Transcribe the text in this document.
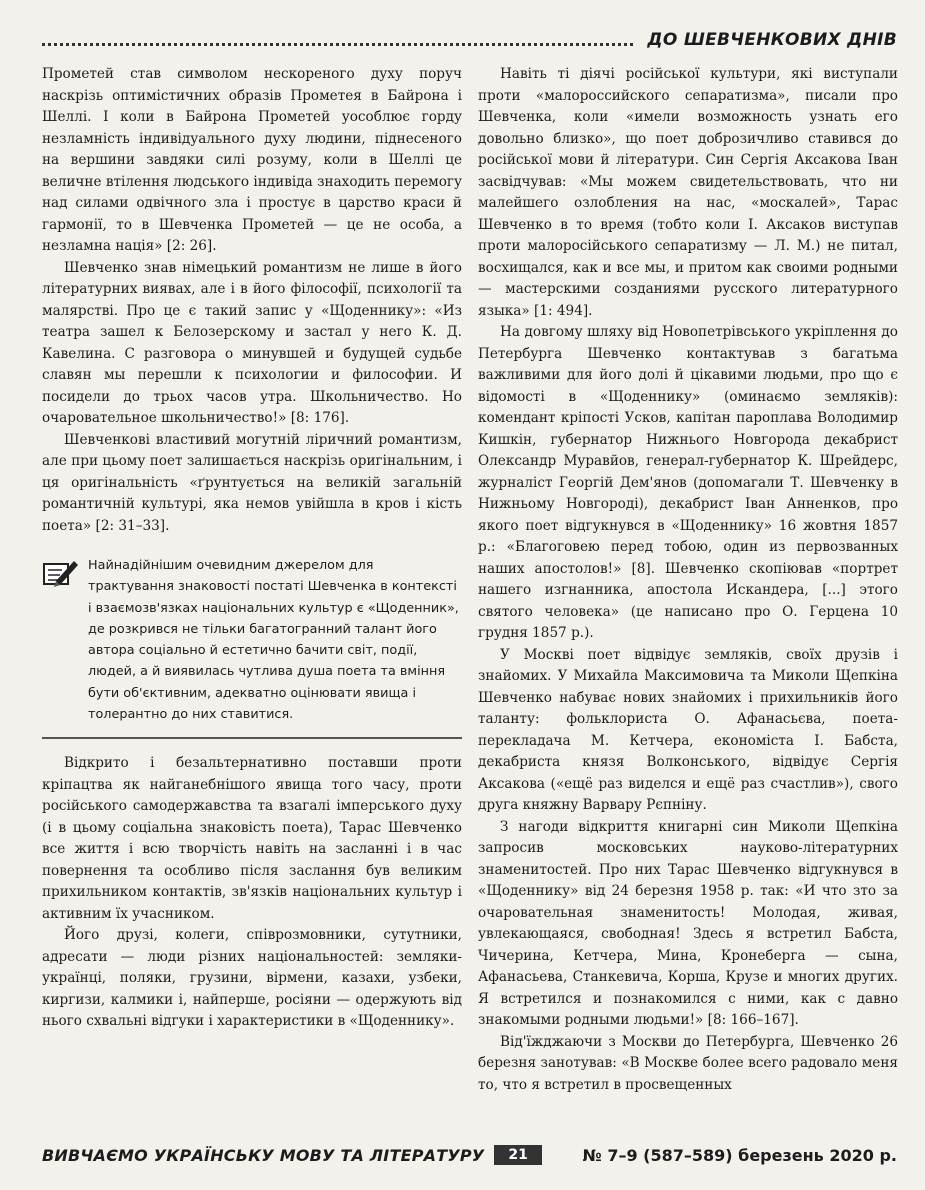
ДО ШЕВЧЕНКОВИХ ДНІВ

Прометей став символом нескореного духу поруч наскрізь оптимістичних образів Прометея в Байрона і Шеллі. І коли в Байрона Прометей уособлює горду незламність індивідуального духу людини, піднесеного на вершини завдяки силі розуму, коли в Шеллі це величне втілення людського індивіда знаходить перемогу над силами одвічного зла і простує в царство краси й гармонії, то в Шевченка Прометей — це не особа, а незламна нація» [2: 26].

Шевченко знав німецький романтизм не лише в його літературних виявах, але і в його філософії, психології та малярстві. Про це є такий запис у «Щоденнику»: «Из театра зашел к Белозерскому и застал у него К. Д. Кавелина. С разговора о минувшей и будущей судьбе славян мы перешли к психологии и философии. И посидели до трьох часов утра. Школьничество. Но очаровательное школьничество!» [8: 176].

Шевченкові властивий могутній ліричний романтизм, але при цьому поет залишається наскрізь оригінальним, і ця оригінальність «ґрунтується на великій загальній романтичній культурі, яка немов увійшла в кров і кість поета» [2: 31–33].

Найнадійнішим очевидним джерелом для трактування знаковості постаті Шевченка в контексті і взаємозв'язках національних культур є «Щоденник», де розкрився не тільки багатогранний талант його автора соціально й естетично бачити світ, події, людей, а й виявилась чутлива душа поета та вміння бути об'єктивним, адекватно оцінювати явища і толерантно до них ставитися.

Відкрито і безальтернативно поставши проти кріпацтва як найганебнішого явища того часу, проти російського самодержавства та взагалі імперського духу (і в цьому соціальна знаковість поета), Тарас Шевченко все життя і всю творчість навіть на засланні і в час повернення та особливо після заслання був великим прихильником контактів, зв'язків національних культур і активним їх учасником.

Його друзі, колеги, співрозмовники, сутутники, адресати — люди різних національностей: земляки-українці, поляки, грузини, вірмени, казахи, узбеки, киргизи, калмики і, найперше, росіяни — одержують від нього схвальні відгуки і характеристики в «Щоденнику».

Навіть ті діячі російської культури, які виступали проти «малороссийского сепаратизма», писали про Шевченка, коли «имели возможность узнать его довольно близко», що поет доброзичливо ставився до російської мови й літератури. Син Сергія Аксакова Іван засвідчував: «Мы можем свидетельствовать, что ни малейшего озлобления на нас, «москалей», Тарас Шевченко в то время (тобто коли І. Аксаков виступав проти малоросійського сепаратизму — Л. М.) не питал, восхищался, как и все мы, и притом как своими родными — мастерскими созданиями русского литературного языка» [1: 494].

На довгому шляху від Новопетрівського укріплення до Петербурга Шевченко контактував з багатьма важливими для його долі й цікавими людьми, про що є відомості в «Щоденнику» (оминаємо земляків): комендант кріпості Усков, капітан пароплава Володимир Кишкін, губернатор Нижнього Новгорода декабрист Олександр Муравйов, генерал-губернатор К. Шрейдерс, журналіст Георгій Дем'янов (допомагали Т. Шевченку в Нижньому Новгороді), декабрист Іван Анненков, про якого поет відгукнувся в «Щоденнику» 16 жовтня 1857 р.: «Благоговею перед тобою, один из первозванных наших апостолов!» [8]. Шевченко скопіював «портрет нашего изгнанника, апостола Искандера, [...] этого святого человека» (це написано про О. Герцена 10 грудня 1857 р.).

У Москві поет відвідує земляків, своїх друзів і знайомих. У Михайла Максимовича та Миколи Щепкіна Шевченко набуває нових знайомих і прихильників його таланту: фольклориста О. Афанасьєва, поета-перекладача М. Кетчера, економіста І. Бабста, декабриста князя Волконського, відвідує Сергія Аксакова («ещё раз виделся и ещё раз счастлив»), свого друга княжну Варвару Рєпніну.

З нагоди відкриття книгарні син Миколи Щепкіна запросив московських науково-літературних знаменитостей. Про них Тарас Шевченко відгукнувся в «Щоденнику» від 24 березня 1958 р. так: «И что зто за очаровательная знаменитость! Молодая, живая, увлекающаяся, свободная! Здесь я встретил Бабста, Чичерина, Кетчера, Мина, Кронеберга — сына, Афанасьева, Станкевича, Корша, Крузе и многих других. Я встретился и познакомился с ними, как с давно знакомыми родными людьми!» [8: 166–167].

Від'їжджаючи з Москви до Петербурга, Шевченко 26 березня занотував: «В Москве более всего радовало меня то, что я встретил в просвещенных

ВИВЧАЄМО УКРАЇНСЬКУ МОВУ ТА ЛІТЕРАТУРУ	21	№ 7–9 (587–589) березень 2020 р.
